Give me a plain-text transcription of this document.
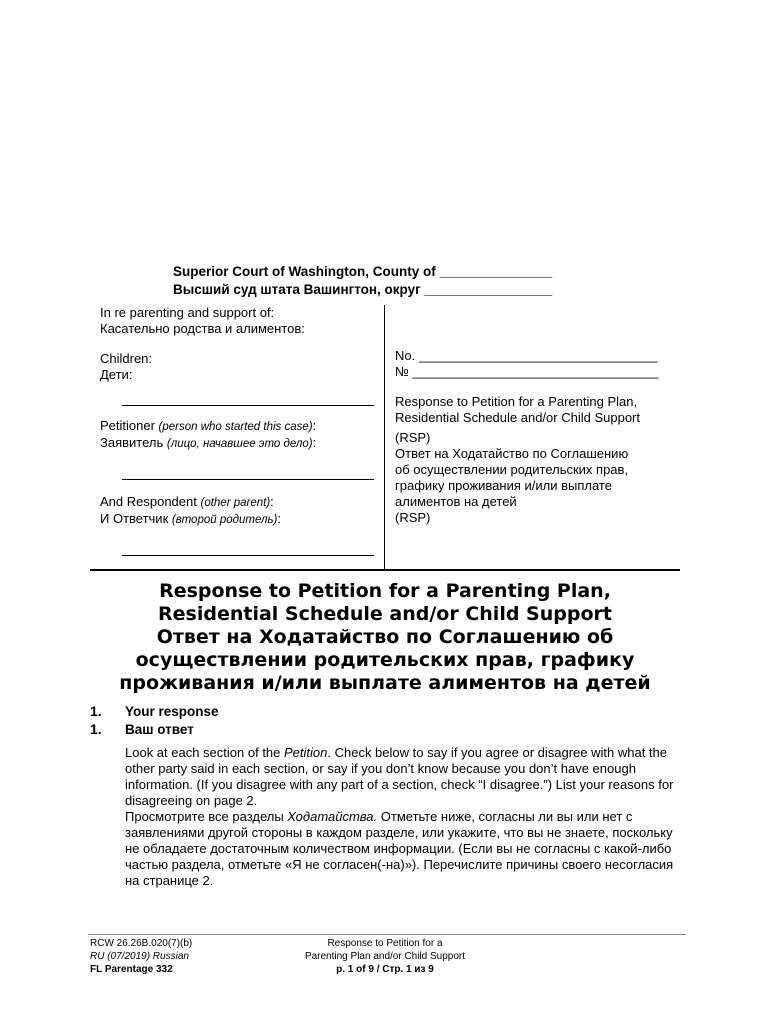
Superior Court of Washington, County of _______________
Высший суд штата Вашингтон, округ _________________
In re parenting and support of:
Касательно родства и алиментов:
Children:
Дети:
Petitioner (person who started this case):
Заявитель (лицо, начавшее это дело):
And Respondent (other parent):
И Ответчик (второй родитель):
No. _________________________________
№ __________________________________
Response to Petition for a Parenting Plan,
Residential Schedule and/or Child Support
(RSP)
Ответ на Ходатайство по Соглашению
об осуществлении родительских прав,
графику проживания и/или выплате
алиментов на детей
(RSP)
Response to Petition for a Parenting Plan,
Residential Schedule and/or Child Support
Ответ на Ходатайство по Соглашению об
осуществлении родительских прав, графику
проживания и/или выплате алиментов на детей
1. Your response
1. Ваш ответ
Look at each section of the Petition. Check below to say if you agree or disagree with what the other party said in each section, or say if you don’t know because you don’t have enough information. (If you disagree with any part of a section, check “I disagree.”) List your reasons for disagreeing on page 2.
Просмотрите все разделы Ходатайства. Отметьте ниже, согласны ли вы или нет с заявлениями другой стороны в каждом разделе, или укажите, что вы не знаете, поскольку не обладаете достаточным количеством информации. (Если вы не согласны с какой-либо частью раздела, отметьте «Я не согласен(-на)»). Перечислите причины своего несогласия на странице 2.
RCW 26.26B.020(7)(b)
RU (07/2019) Russian
FL Parentage 332
Response to Petition for a
Parenting Plan and/or Child Support
p. 1 of 9 / Стр. 1 из 9
